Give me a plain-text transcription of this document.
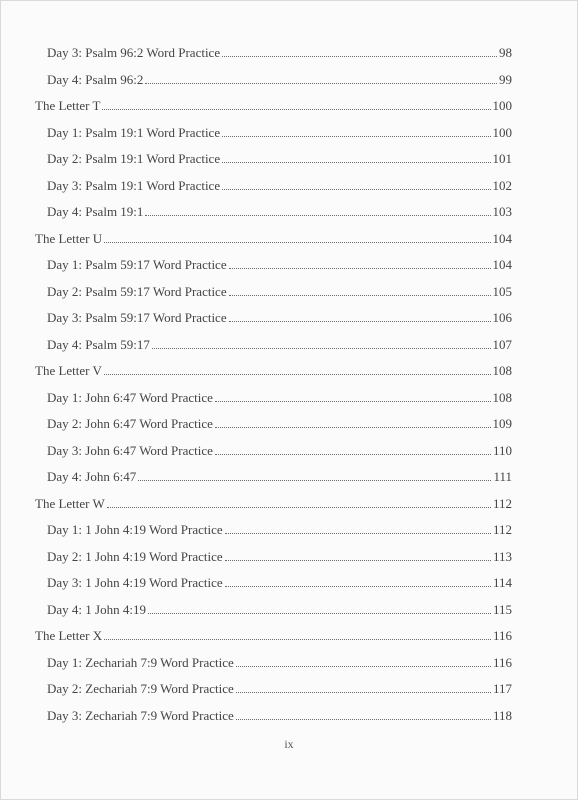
Day 3: Psalm 96:2 Word Practice	98
Day 4: Psalm 96:2	99
The Letter T	100
Day 1: Psalm 19:1 Word Practice	100
Day 2: Psalm 19:1 Word Practice	101
Day 3: Psalm 19:1 Word Practice	102
Day 4: Psalm 19:1	103
The Letter U	104
Day 1: Psalm 59:17 Word Practice	104
Day 2: Psalm 59:17 Word Practice	105
Day 3: Psalm 59:17 Word Practice	106
Day 4: Psalm 59:17	107
The Letter V	108
Day 1: John 6:47 Word Practice	108
Day 2: John 6:47 Word Practice	109
Day 3: John 6:47 Word Practice	110
Day 4: John 6:47	111
The Letter W	112
Day 1: 1 John 4:19 Word Practice	112
Day 2: 1 John 4:19 Word Practice	113
Day 3: 1 John 4:19 Word Practice	114
Day 4: 1 John 4:19	115
The Letter X	116
Day 1: Zechariah 7:9 Word Practice	116
Day 2: Zechariah 7:9 Word Practice	117
Day 3: Zechariah 7:9 Word Practice	118
ix
